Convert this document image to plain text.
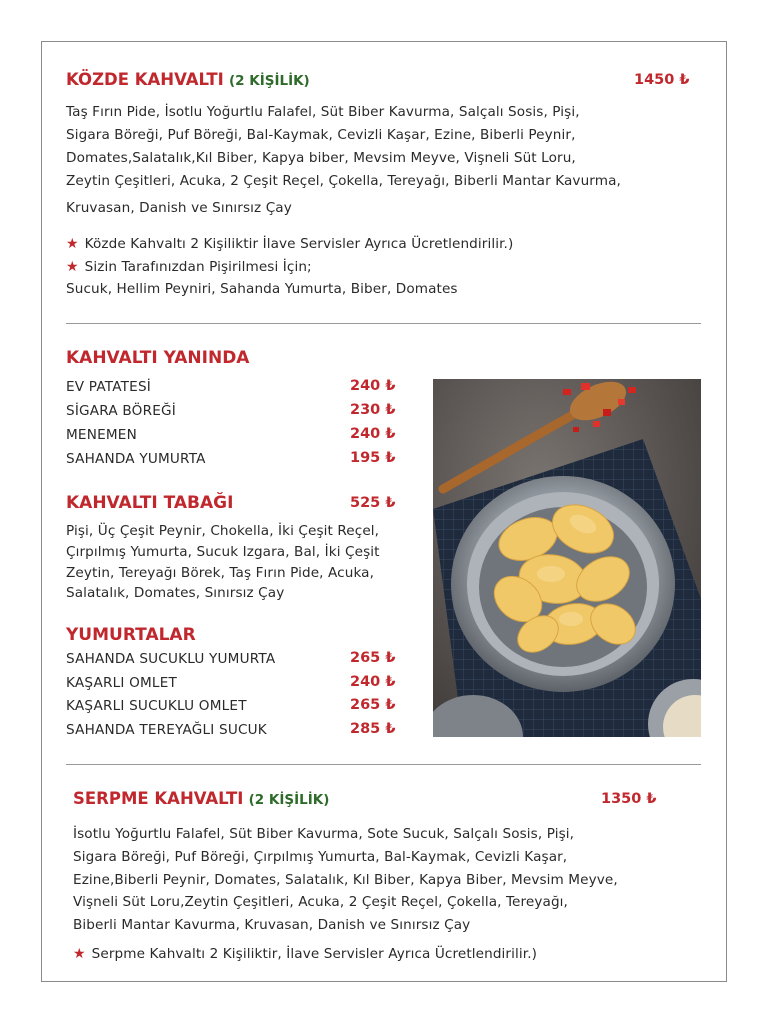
KÖZDE KAHVALTI (2 KİŞİLİK)	1450 ₺
Taş Fırın Pide, İsotlu Yoğurtlu Falafel, Süt Biber Kavurma, Salçalı Sosis, Pişi,
Sigara Böreği, Puf Böreği, Bal-Kaymak, Cevizli Kaşar, Ezine, Biberli Peynir,
Domates,Salatalık,Kıl Biber, Kapya biber, Mevsim Meyve, Vişneli Süt Loru,
Zeytin Çeşitleri, Acuka, 2 Çeşit Reçel, Çokella, Tereyağı, Biberli Mantar Kavurma,
Kruvasan, Danish ve Sınırsız Çay
★ Közde Kahvaltı 2 Kişiliktir İlave Servisler Ayrıca Ücretlendirilir.)
★ Sizin Tarafınızdan Pişirilmesi İçin;
Sucuk, Hellim Peyniri, Sahanda Yumurta, Biber, Domates
KAHVALTI YANINDA
EV PATATESİ	240 ₺
SİGARA BÖREĞİ	230 ₺
MENEMEN	240 ₺
SAHANDA YUMURTA	195 ₺
KAHVALTI TABAĞI	525 ₺
Pişi, Üç Çeşit Peynir, Chokella, İki Çeşit Reçel,
Çırpılmış Yumurta, Sucuk Izgara, Bal, İki Çeşit
Zeytin, Tereyağı Börek, Taş Fırın Pide, Acuka,
Salatalık, Domates, Sınırsız Çay
YUMURTALAR
SAHANDA SUCUKLU YUMURTA	265 ₺
KAŞARLI OMLET	240 ₺
KAŞARLI SUCUKLU OMLET	265 ₺
SAHANDA TEREYAĞLI SUCUK	285 ₺
SERPME KAHVALTI (2 KİŞİLİK)	1350 ₺
İsotlu Yoğurtlu Falafel, Süt Biber Kavurma, Sote Sucuk, Salçalı Sosis, Pişi,
Sigara Böreği, Puf Böreği, Çırpılmış Yumurta, Bal-Kaymak, Cevizli Kaşar,
Ezine,Biberli Peynir, Domates, Salatalık, Kıl Biber, Kapya Biber, Mevsim Meyve,
Vişneli Süt Loru,Zeytin Çeşitleri, Acuka, 2 Çeşit Reçel, Çokella, Tereyağı,
Biberli Mantar Kavurma, Kruvasan, Danish ve Sınırsız Çay
★ Serpme Kahvaltı 2 Kişiliktir, İlave Servisler Ayrıca Ücretlendirilir.)
